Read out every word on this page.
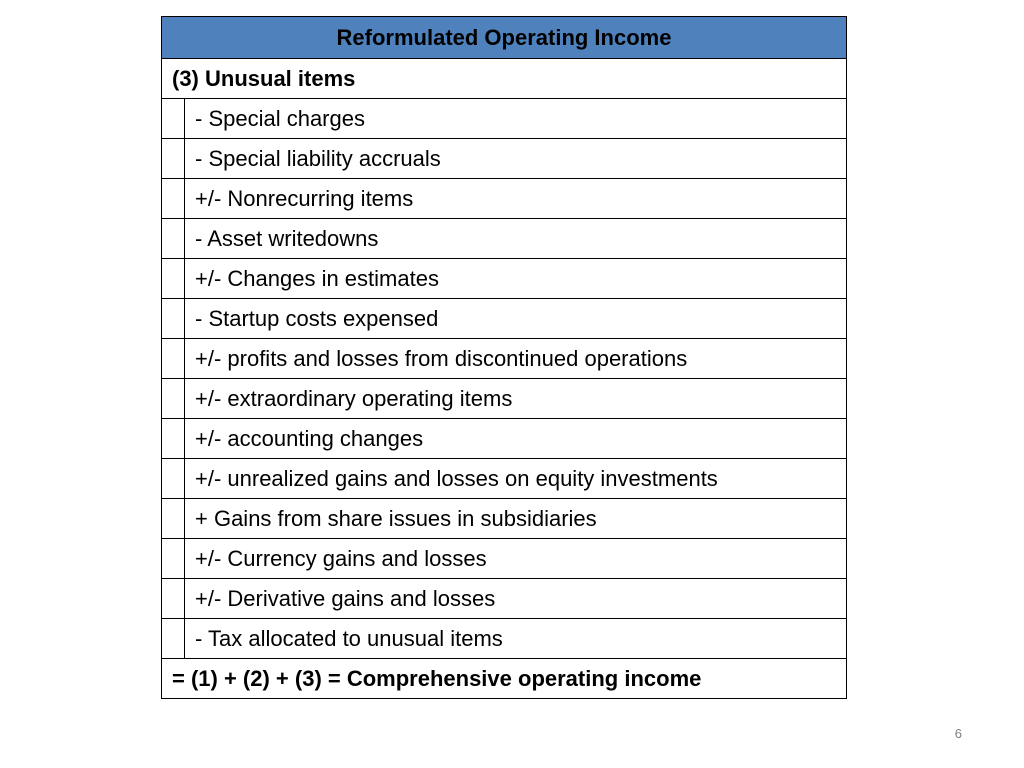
Reformulated Operating Income	
(3) Unusual items	
	- Special charges
	- Special liability accruals
	+/- Nonrecurring items
	- Asset writedowns
	+/- Changes in estimates
	- Startup costs expensed
	+/- profits and losses from discontinued operations
	+/- extraordinary operating items
	+/- accounting changes
	+/- unrealized gains and losses on equity investments
	+ Gains from share issues in subsidiaries
	+/- Currency gains and losses
	+/- Derivative gains and losses
	- Tax allocated to unusual items
= (1) + (2) + (3) = Comprehensive operating income	
6
